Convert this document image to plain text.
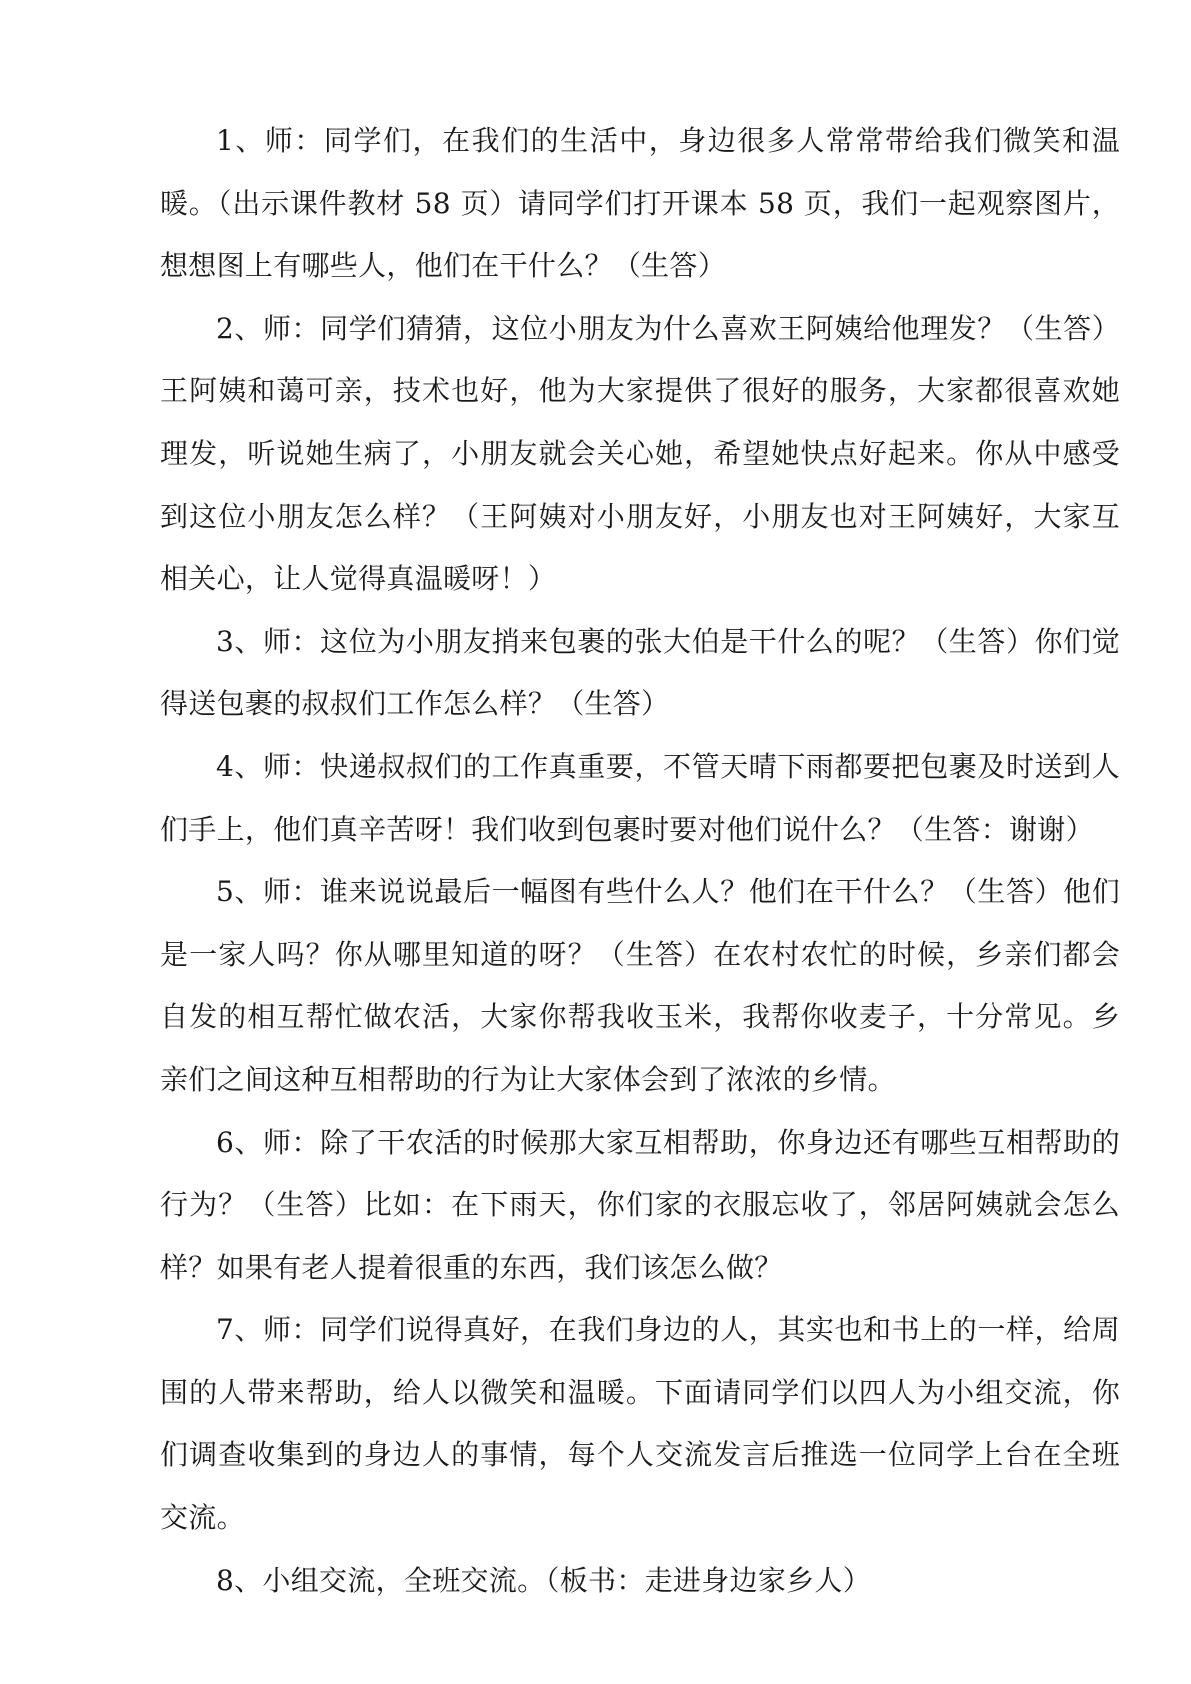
1、师：同学们，在我们的生活中，身边很多人常常带给我们微笑和温暖。（出示课件教材 58 页）请同学们打开课本 58 页，我们一起观察图片，想想图上有哪些人，他们在干什么？（生答）

2、师：同学们猜猜，这位小朋友为什么喜欢王阿姨给他理发？（生答）王阿姨和蔼可亲，技术也好，他为大家提供了很好的服务，大家都很喜欢她理发，听说她生病了，小朋友就会关心她，希望她快点好起来。你从中感受到这位小朋友怎么样？（王阿姨对小朋友好，小朋友也对王阿姨好，大家互相关心，让人觉得真温暖呀！）

3、师：这位为小朋友捎来包裹的张大伯是干什么的呢？（生答）你们觉得送包裹的叔叔们工作怎么样？（生答）

4、师：快递叔叔们的工作真重要，不管天晴下雨都要把包裹及时送到人们手上，他们真辛苦呀！我们收到包裹时要对他们说什么？（生答：谢谢）

5、师：谁来说说最后一幅图有些什么人？他们在干什么？（生答）他们是一家人吗？你从哪里知道的呀？（生答）在农村农忙的时候，乡亲们都会自发的相互帮忙做农活，大家你帮我收玉米，我帮你收麦子，十分常见。乡亲们之间这种互相帮助的行为让大家体会到了浓浓的乡情。

6、师：除了干农活的时候那大家互相帮助，你身边还有哪些互相帮助的行为？（生答）比如：在下雨天，你们家的衣服忘收了，邻居阿姨就会怎么样？如果有老人提着很重的东西，我们该怎么做？

7、师：同学们说得真好，在我们身边的人，其实也和书上的一样，给周围的人带来帮助，给人以微笑和温暖。下面请同学们以四人为小组交流，你们调查收集到的身边人的事情，每个人交流发言后推选一位同学上台在全班交流。

8、小组交流，全班交流。（板书：走进身边家乡人）
